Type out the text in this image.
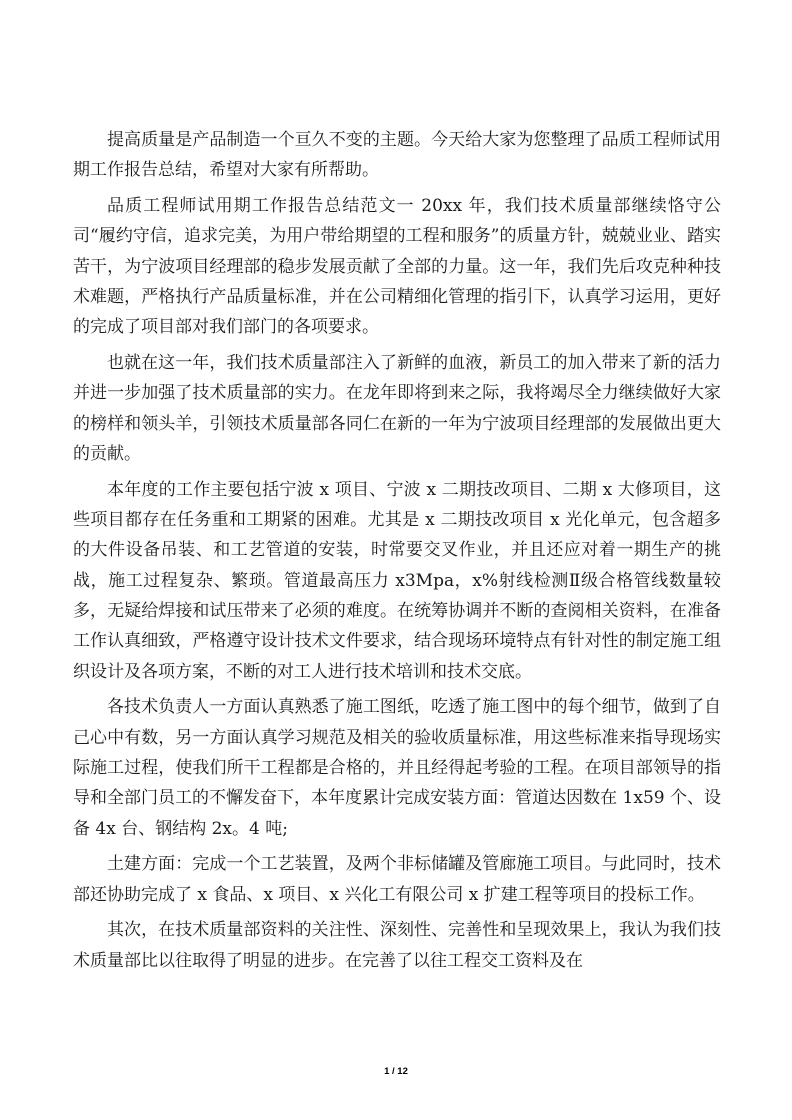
提高质量是产品制造一个亘久不变的主题。今天给大家为您整理了品质工程师试用期工作报告总结，希望对大家有所帮助。

品质工程师试用期工作报告总结范文一 20xx 年，我们技术质量部继续恪守公司“履约守信，追求完美，为用户带给期望的工程和服务”的质量方针，兢兢业业、踏实苦干，为宁波项目经理部的稳步发展贡献了全部的力量。这一年，我们先后攻克种种技术难题，严格执行产品质量标准，并在公司精细化管理的指引下，认真学习运用，更好的完成了项目部对我们部门的各项要求。

也就在这一年，我们技术质量部注入了新鲜的血液，新员工的加入带来了新的活力并进一步加强了技术质量部的实力。在龙年即将到来之际，我将竭尽全力继续做好大家的榜样和领头羊，引领技术质量部各同仁在新的一年为宁波项目经理部的发展做出更大的贡献。

本年度的工作主要包括宁波 x 项目、宁波 x 二期技改项目、二期 x 大修项目，这些项目都存在任务重和工期紧的困难。尤其是 x 二期技改项目 x 光化单元，包含超多的大件设备吊装、和工艺管道的安装，时常要交叉作业，并且还应对着一期生产的挑战，施工过程复杂、繁琐。管道最高压力 x3Mpa，x%射线检测Ⅱ级合格管线数量较多，无疑给焊接和试压带来了必须的难度。在统筹协调并不断的查阅相关资料，在准备工作认真细致，严格遵守设计技术文件要求，结合现场环境特点有针对性的制定施工组织设计及各项方案，不断的对工人进行技术培训和技术交底。

各技术负责人一方面认真熟悉了施工图纸，吃透了施工图中的每个细节，做到了自己心中有数，另一方面认真学习规范及相关的验收质量标准，用这些标准来指导现场实际施工过程，使我们所干工程都是合格的，并且经得起考验的工程。在项目部领导的指导和全部门员工的不懈发奋下，本年度累计完成安装方面：管道达因数在 1x59 个、设备 4x 台、钢结构 2x。4 吨;

土建方面：完成一个工艺装置，及两个非标储罐及管廊施工项目。与此同时，技术部还协助完成了 x 食品、x 项目、x 兴化工有限公司 x 扩建工程等项目的投标工作。

其次，在技术质量部资料的关注性、深刻性、完善性和呈现效果上，我认为我们技术质量部比以往取得了明显的进步。在完善了以往工程交工资料及在

1 / 12
